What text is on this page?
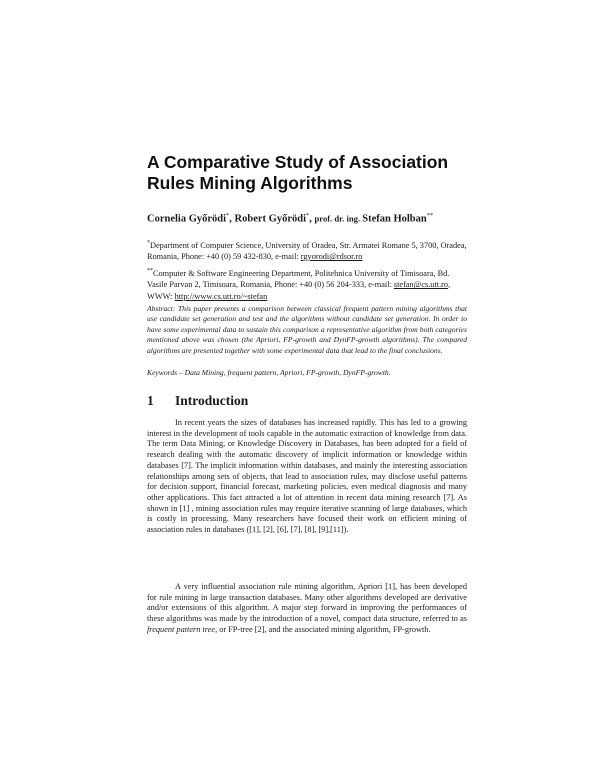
A Comparative Study of Association Rules Mining Algorithms
Cornelia Győrödi*, Robert Győrödi*, prof. dr. ing. Stefan Holban**
*Department of Computer Science, University of Oradea, Str. Armatei Romane 5, 3700, Oradea, Romania, Phone: +40 (0) 59 432-830, e-mail: rgyorodi@rdsor.ro
**Computer & Software Engineering Department, Politehnica University of Timisoara, Bd. Vasile Parvan 2, Timisoara, Romania, Phone: +40 (0) 56 204-333, e-mail: stefan@cs.utt.ro, WWW: http://www.cs.utt.ro/~stefan

Abstract: This paper presents a comparison between classical frequent pattern mining algorithms that use candidate set generation and test and the algorithms without candidate set generation. In order to have some experimental data to sustain this comparison a representative algorithm from both categories mentioned above was chosen (the Apriori, FP-growth and DynFP-growth algorithms). The compared algorithms are presented together with some experimental data that lead to the final conclusions.

Keywords – Data Mining, frequent pattern, Apriori, FP-growth, DynFP-growth.
1 Introduction

In recent years the sizes of databases has increased rapidly. This has led to a growing interest in the development of tools capable in the automatic extraction of knowledge from data. The term Data Mining, or Knowledge Discovery in Databases, has been adopted for a field of research dealing with the automatic discovery of implicit information or knowledge within databases [7]. The implicit information within databases, and mainly the interesting association relationships among sets of objects, that lead to association rules, may disclose useful patterns for decision support, financial forecast, marketing policies, even medical diagnosis and many other applications. This fact attracted a lot of attention in recent data mining research [7]. As shown in [1] , mining association rules may require iterative scanning of large databases, which is costly in processing. Many researchers have focused their work on efficient mining of association rules in databases ([1], [2], [6], [7], [8], [9],[11]).

A very influential association rule mining algorithm, Apriori [1], has been developed for rule mining in large transaction databases. Many other algorithms developed are derivative and/or extensions of this algorithm. A major step forward in improving the performances of these algorithms was made by the introduction of a novel, compact data structure, referred to as frequent pattern tree, or FP-tree [2], and the associated mining algorithm, FP-growth.
